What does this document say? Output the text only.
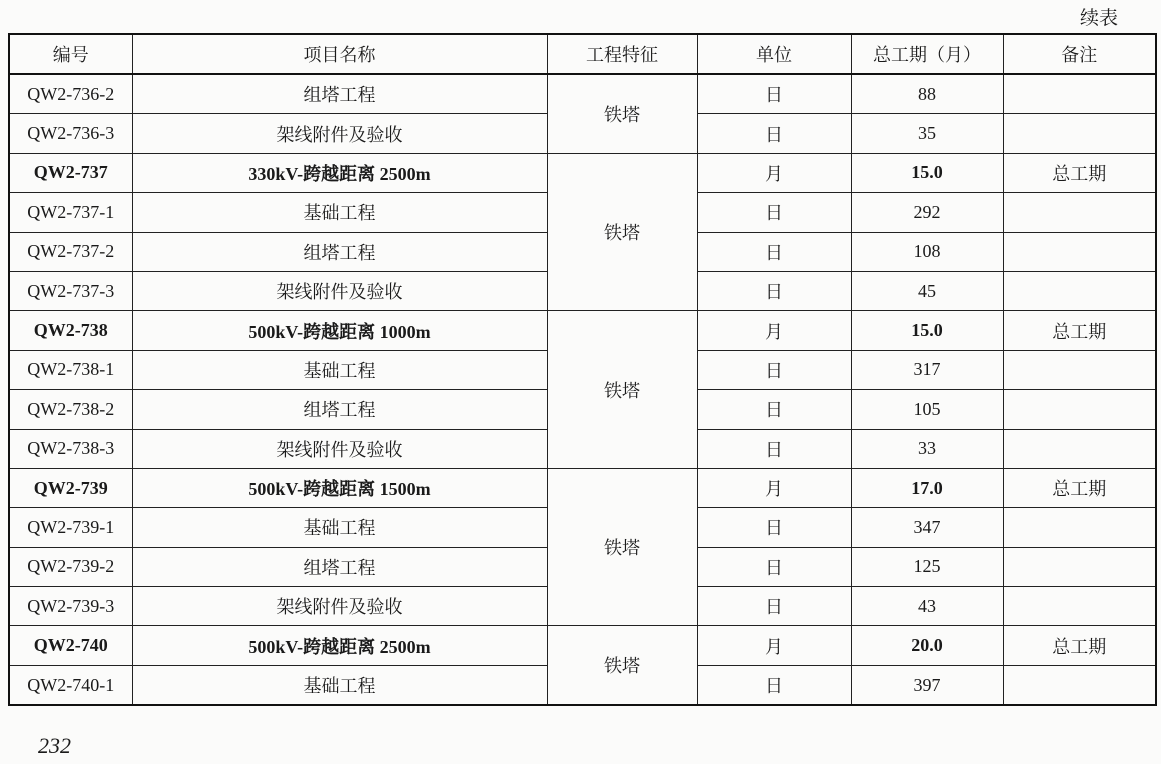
续表
编号	项目名称	工程特征	单位	总工期（月）	备注
QW2-736-2	组塔工程	铁塔	日	88	
QW2-736-3	架线附件及验收		日	35	
QW2-737	330kV-跨越距离 2500m	铁塔	月	15.0	总工期
QW2-737-1	基础工程		日	292	
QW2-737-2	组塔工程		日	108	
QW2-737-3	架线附件及验收		日	45	
QW2-738	500kV-跨越距离 1000m	铁塔	月	15.0	总工期
QW2-738-1	基础工程		日	317	
QW2-738-2	组塔工程		日	105	
QW2-738-3	架线附件及验收		日	33	
QW2-739	500kV-跨越距离 1500m	铁塔	月	17.0	总工期
QW2-739-1	基础工程		日	347	
QW2-739-2	组塔工程		日	125	
QW2-739-3	架线附件及验收		日	43	
QW2-740	500kV-跨越距离 2500m	铁塔	月	20.0	总工期
QW2-740-1	基础工程		日	397	
232
